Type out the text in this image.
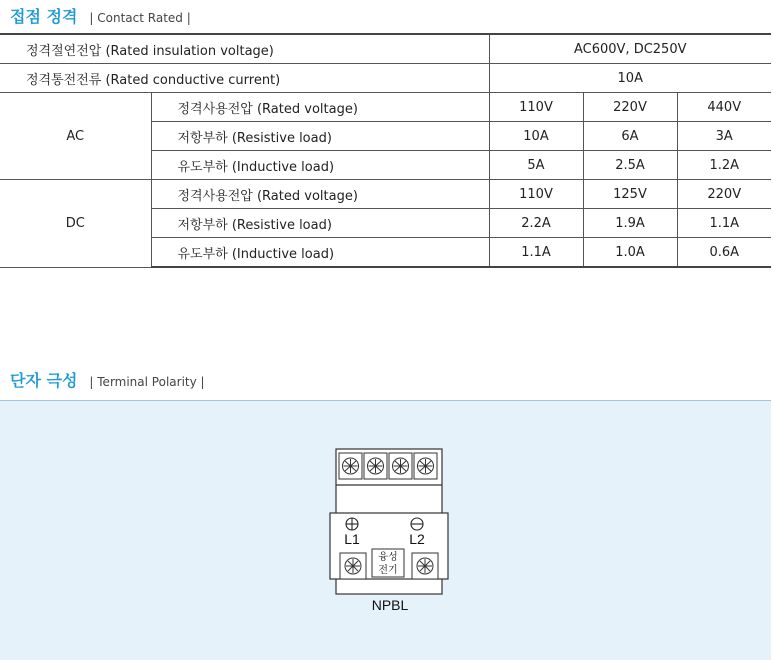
접점 정격 | Contact Rated |
정격절연전압 (Rated insulation voltage)		AC600V, DC250V		
정격통전전류 (Rated conductive current)		10A		
AC	정격사용전압 (Rated voltage)	110V	220V	440V
	저항부하 (Resistive load)	10A	6A	3A
	유도부하 (Inductive load)	5A	2.5A	1.2A
DC	정격사용전압 (Rated voltage)	110V	125V	220V
	저항부하 (Resistive load)	2.2A	1.9A	1.1A
	유도부하 (Inductive load)	1.1A	1.0A	0.6A
단자 극성 | Terminal Polarity |
L1	L2
융성
전기
NPBL
